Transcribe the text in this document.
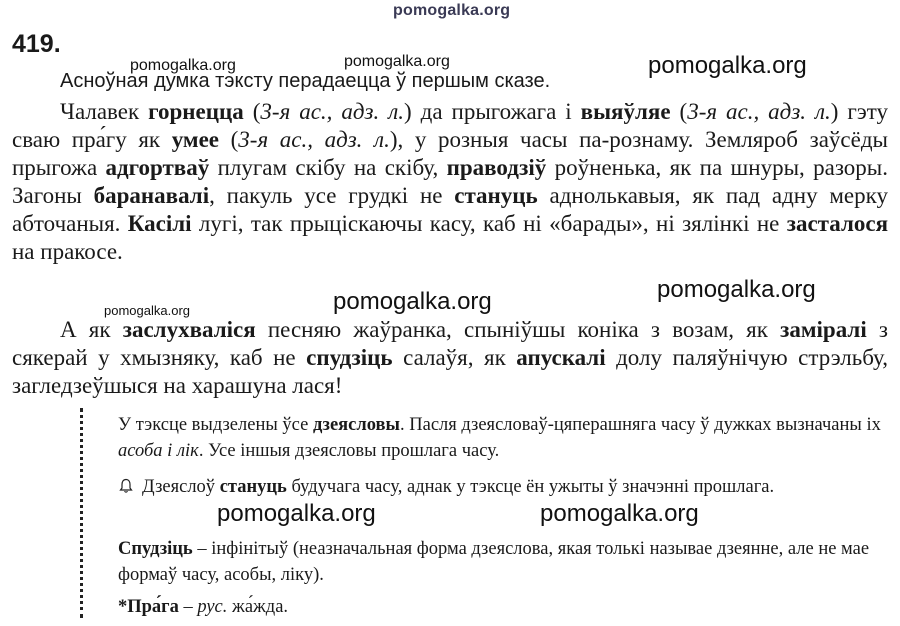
pomogalka.org
pomogalka.org	pomogalka.org	pomogalka.org
419.
Асноўная думка тэксту перадаецца ў першым сказе.
Чалавек горнецца (3-я ас., адз. л.) да прыгожага і выяўляе (3-я ас., адз. л.) гэту сваю пра́гу як умее (3-я ас., адз. л.), у розныя часы па-рознаму. Земляроб заўсёды прыгожа адгортваў плугам скібу на скібу, праводзіў роўненька, як па шнуры, разоры. Загоны баранавалі, пакуль усе грудкі не стануць аднолькавыя, як пад адну мерку абточаныя. Касілі лугі, так прыцiскаючы касу, каб ні «барады», ні зялінкі не засталося на пракосе.
pomogalka.org	pomogalka.org	pomogalka.org
А як заслухваліся песняю жаўранка, спыніўшы коніка з возам, як заміралі з сякерай у хмызняку, каб не спудзіць салаўя, як апускалі долу паляўнічую стрэльбу, загледзеўшыся на харашуна лася!
У тэксце выдзелены ўсе дзеясловы. Пасля дзеясловаў-цяперашняга часу ў дужках вызначаны іх асоба і лік. Усе іншыя дзеясловы прошлага часу.
Дзеяслоў стануць будучага часу, аднак у тэксце ён ужыты ў значэнні прошлага.
pomogalka.org	pomogalka.org
Спудзіць – інфінітыў (неазначальная форма дзеяслова, якая толькі называе дзеянне, але не мае формаў часу, асобы, ліку).
*Пра́га – рус. жа́жда.
